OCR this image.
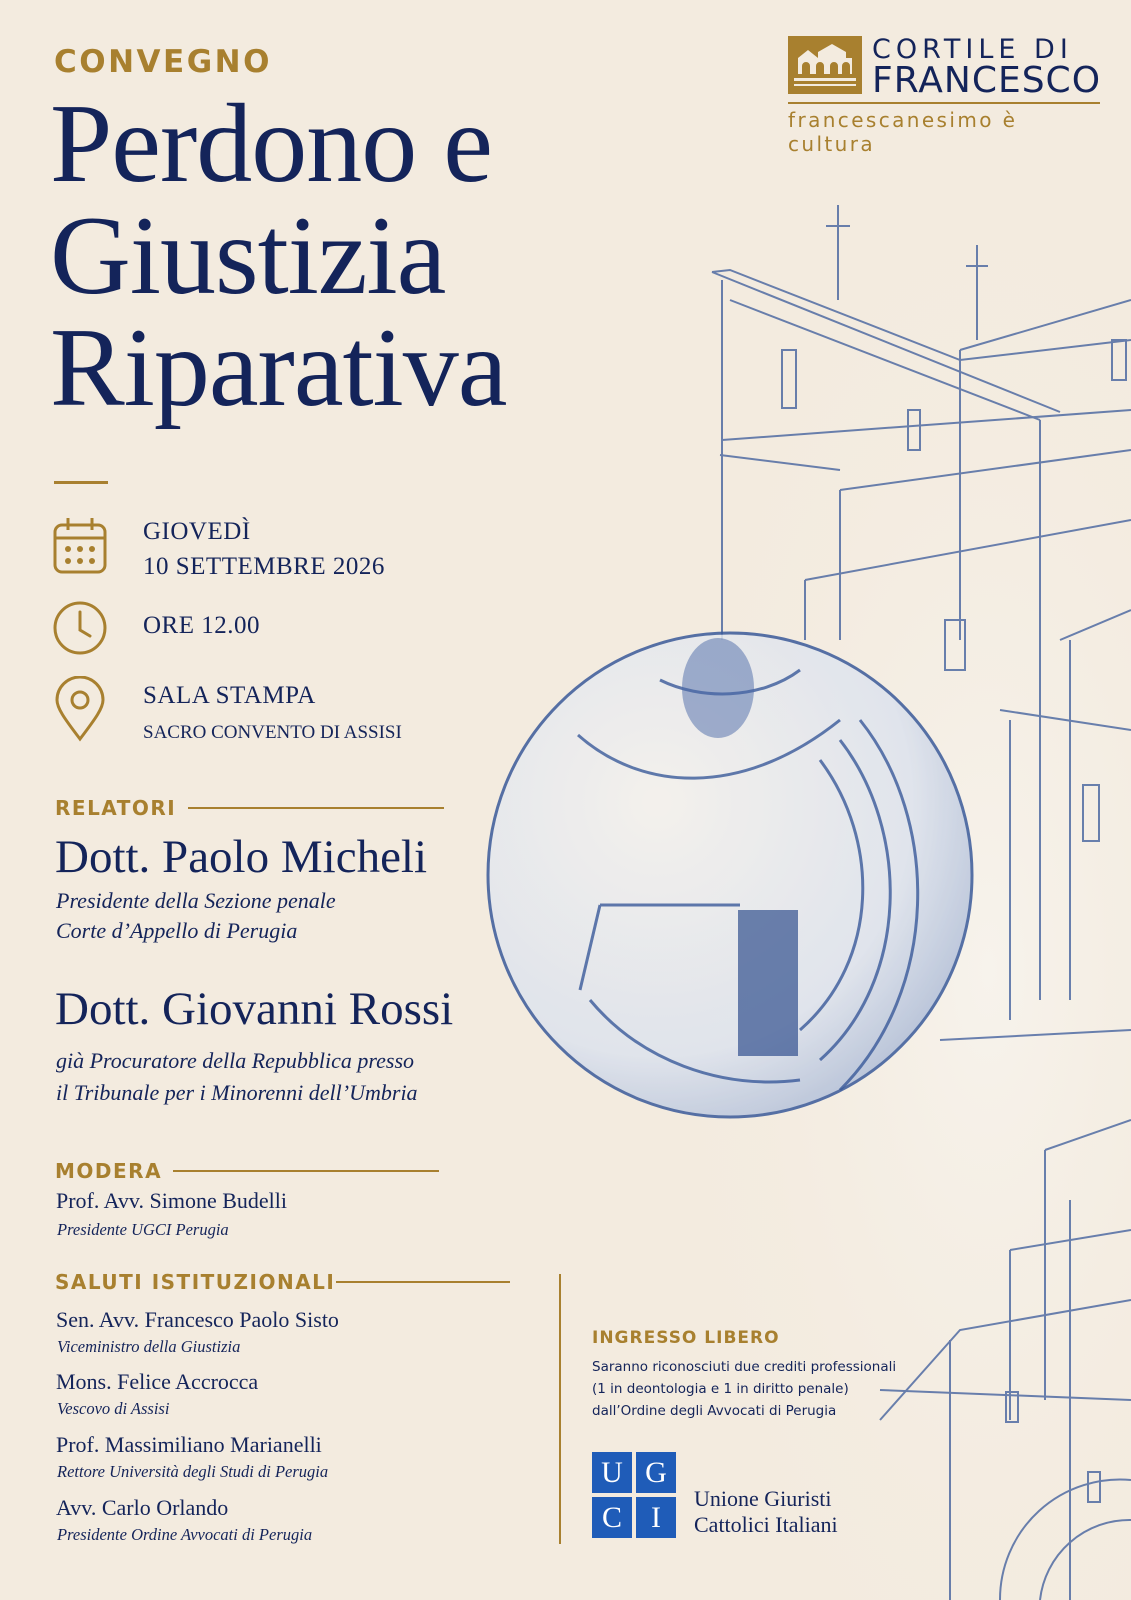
CORTILE DI
FRANCESCO
francescanesimo è cultura
CONVEGNO
Perdono e
Giustizia
Riparativa
GIOVEDÌ
10 SETTEMBRE 2026
ORE 12.00
SALA STAMPA
SACRO CONVENTO DI ASSISI
RELATORI
Dott. Paolo Micheli
Presidente della Sezione penale
Corte d’Appello di Perugia
Dott. Giovanni Rossi
già Procuratore della Repubblica presso
il Tribunale per i Minorenni dell’Umbria
MODERA
Prof. Avv. Simone Budelli
Presidente UGCI Perugia
SALUTI ISTITUZIONALI
Sen. Avv. Francesco Paolo Sisto
Viceministro della Giustizia
Mons. Felice Accrocca
Vescovo di Assisi
Prof. Massimiliano Marianelli
Rettore Università degli Studi di Perugia
Avv. Carlo Orlando
Presidente Ordine Avvocati di Perugia
INGRESSO LIBERO
Saranno riconosciuti due crediti professionali
(1 in deontologia e 1 in diritto penale)
dall’Ordine degli Avvocati di Perugia
U G
C I
Unione Giuristi
Cattolici Italiani
